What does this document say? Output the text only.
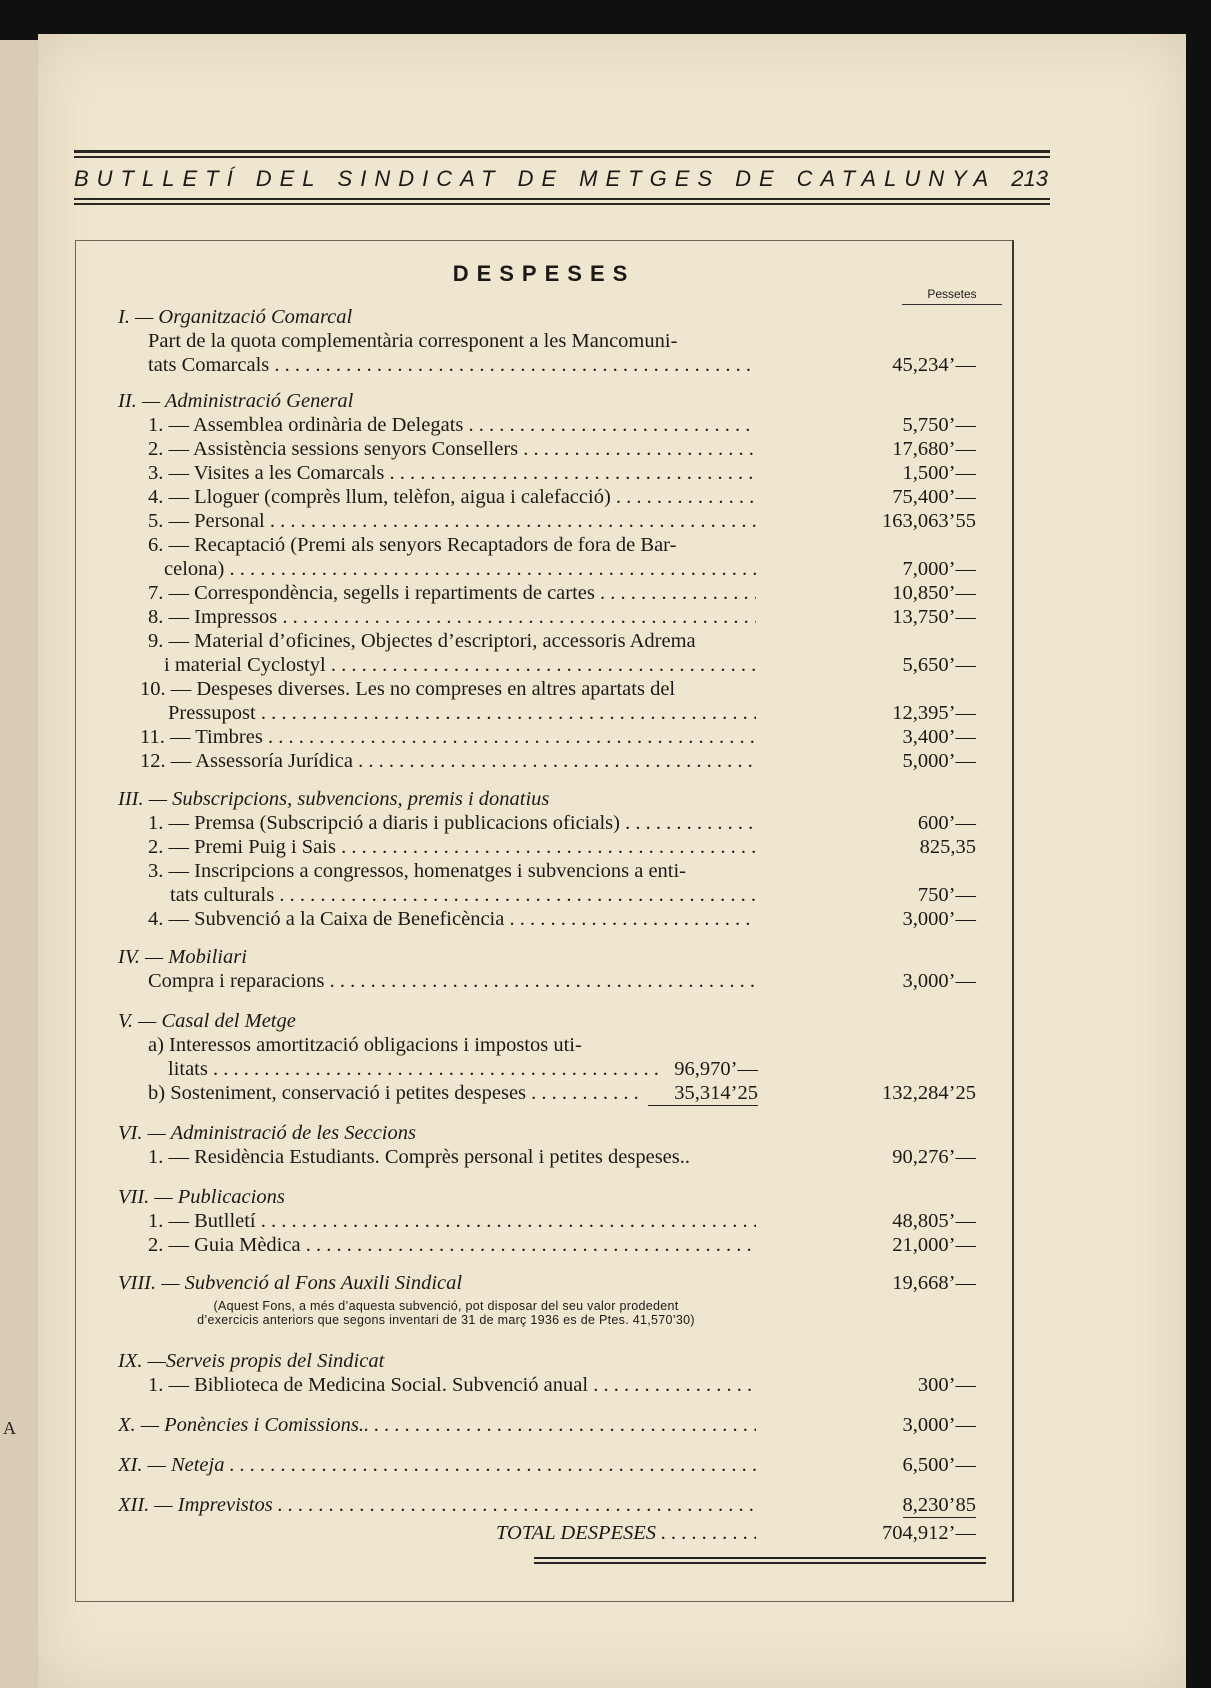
A
BUTLLETÍ DEL SINDICAT DE METGES DE CATALUNYA 213
DESPESES
Pessetes
I. — Organització Comarcal
Part de la quota complementària corresponent a les Mancomuni-
tats Comarcals . . .	45,234’—
II. — Administració General
1. — Assemblea ordinària de Delegats . . .	5,750’—
2. — Assistència sessions senyors Consellers . . .	17,680’—
3. — Visites a les Comarcals . . .	1,500’—
4. — Lloguer (comprès llum, telèfon, aigua i calefacció) . . .	75,400’—
5. — Personal . . .	163,063’55
6. — Recaptació (Premi als senyors Recaptadors de fora de Bar-
celona) . . .	7,000’—
7. — Correspondència, segells i repartiments de cartes . . .	10,850’—
8. — Impressos . . .	13,750’—
9. — Material d’oficines, Objectes d’escriptori, accessoris Adrema
i material Cyclostyl . . .	5,650’—
10. — Despeses diverses. Les no compreses en altres apartats del
Pressupost . . .	12,395’—
11. — Timbres . . .	3,400’—
12. — Assessoría Jurídica . . .	5,000’—
III. — Subscripcions, subvencions, premis i donatius
1. — Premsa (Subscripció a diaris i publicacions oficials) . . .	600’—
2. — Premi Puig i Sais . . .	825,35
3. — Inscripcions a congressos, homenatges i subvencions a enti-
tats culturals . . .	750’—
4. — Subvenció a la Caixa de Beneficència . . .	3,000’—
IV. — Mobiliari
Compra i reparacions . . .	3,000’—
V. — Casal del Metge
a) Interessos amortització obligacions i impostos uti-
litats . . .	96,970’—
b) Sosteniment, conservació i petites despeses . . .	35,314’25	132,284’25
VI. — Administració de les Seccions
1. — Residència Estudiants. Comprès personal i petites despeses..	90,276’—
VII. — Publicacions
1. — Butlletí . . .	48,805’—
2. — Guia Mèdica . . .	21,000’—
VIII. — Subvenció al Fons Auxili Sindical	19,668’—
(Aquest Fons, a més d’aquesta subvenció, pot disposar del seu valor prodedent
d’exercicis anteriors que segons inventari de 31 de març 1936 es de Ptes. 41,570’30)
IX. —Serveis propis del Sindicat
1. — Biblioteca de Medicina Social. Subvenció anual . . .	300’—
X. — Ponències i Comissions.. . . .	3,000’—
XI. — Neteja . . .	6,500’—
XII. — Imprevistos . . .	8,230’85
TOTAL DESPESES . . .	704,912’—
